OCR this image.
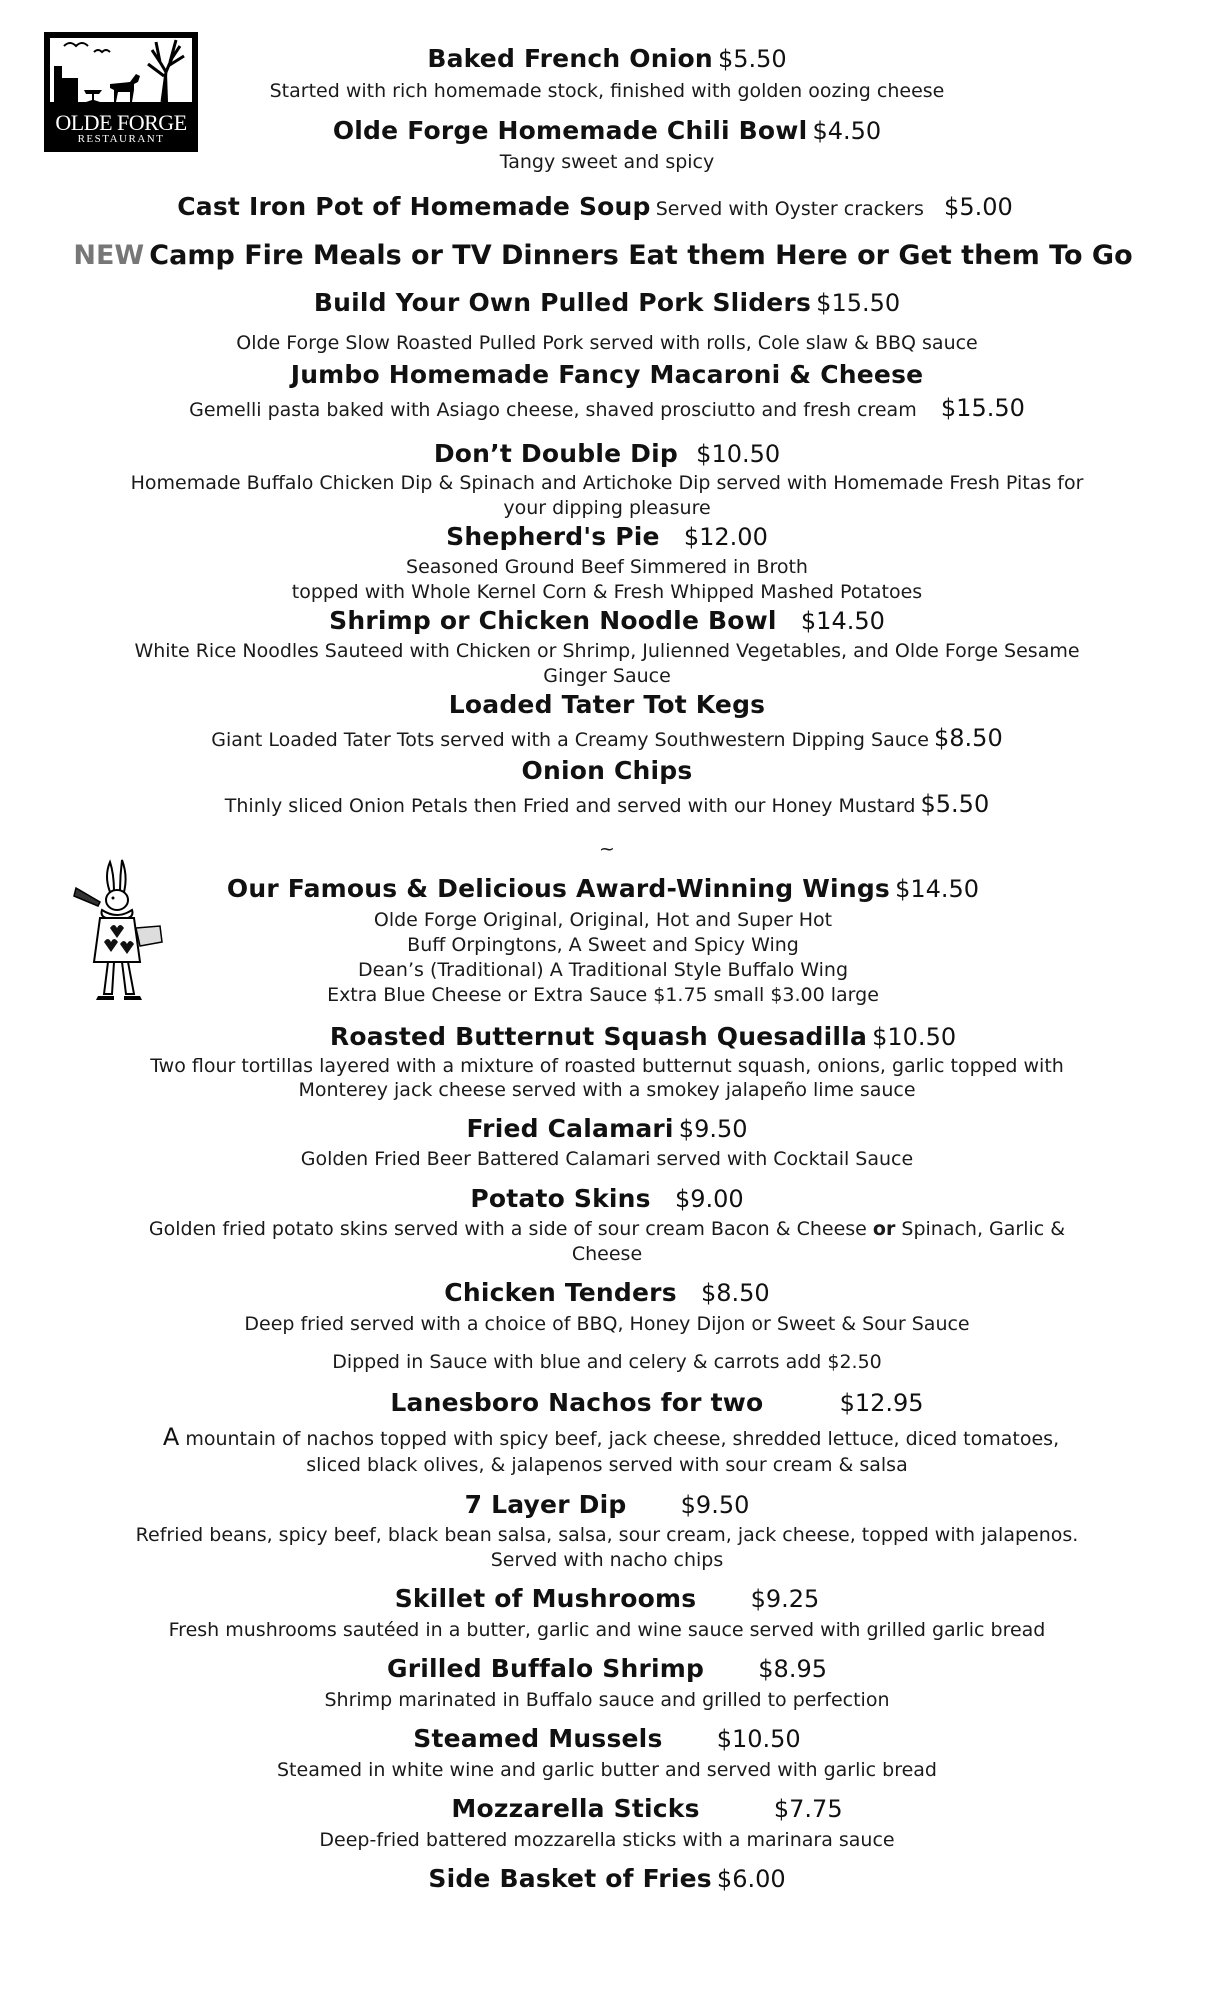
OLDE FORGE
RESTAURANT
Baked French Onion $5.50
Started with rich homemade stock, finished with golden oozing cheese
Olde Forge Homemade Chili Bowl $4.50
Tangy sweet and spicy
Cast Iron Pot of Homemade Soup Served with Oyster crackers $5.00
NEW Camp Fire Meals or TV Dinners Eat them Here or Get them To Go
Build Your Own Pulled Pork Sliders $15.50
Olde Forge Slow Roasted Pulled Pork served with rolls, Cole slaw & BBQ sauce
Jumbo Homemade Fancy Macaroni & Cheese
Gemelli pasta baked with Asiago cheese, shaved prosciutto and fresh cream $15.50
Don’t Double Dip $10.50
Homemade Buffalo Chicken Dip & Spinach and Artichoke Dip served with Homemade Fresh Pitas for
your dipping pleasure
Shepherd's Pie $12.00
Seasoned Ground Beef Simmered in Broth
topped with Whole Kernel Corn & Fresh Whipped Mashed Potatoes
Shrimp or Chicken Noodle Bowl $14.50
White Rice Noodles Sauteed with Chicken or Shrimp, Julienned Vegetables, and Olde Forge Sesame
Ginger Sauce
Loaded Tater Tot Kegs
Giant Loaded Tater Tots served with a Creamy Southwestern Dipping Sauce $8.50
Onion Chips
Thinly sliced Onion Petals then Fried and served with our Honey Mustard $5.50
~
Our Famous & Delicious Award-Winning Wings $14.50
Olde Forge Original, Original, Hot and Super Hot
Buff Orpingtons, A Sweet and Spicy Wing
Dean’s (Traditional) A Traditional Style Buffalo Wing
Extra Blue Cheese or Extra Sauce $1.75 small $3.00 large
Roasted Butternut Squash Quesadilla $10.50
Two flour tortillas layered with a mixture of roasted butternut squash, onions, garlic topped with
Monterey jack cheese served with a smokey jalapeño lime sauce
Fried Calamari $9.50
Golden Fried Beer Battered Calamari served with Cocktail Sauce
Potato Skins $9.00
Golden fried potato skins served with a side of sour cream Bacon & Cheese or Spinach, Garlic &
Cheese
Chicken Tenders $8.50
Deep fried served with a choice of BBQ, Honey Dijon or Sweet & Sour Sauce
Dipped in Sauce with blue and celery & carrots add $2.50
Lanesboro Nachos for two	$12.95
A mountain of nachos topped with spicy beef, jack cheese, shredded lettuce, diced tomatoes,
sliced black olives, & jalapenos served with sour cream & salsa
7 Layer Dip $9.50
Refried beans, spicy beef, black bean salsa, salsa, sour cream, jack cheese, topped with jalapenos.
Served with nacho chips
Skillet of Mushrooms $9.25
Fresh mushrooms sautéed in a butter, garlic and wine sauce served with grilled garlic bread
Grilled Buffalo Shrimp $8.95
Shrimp marinated in Buffalo sauce and grilled to perfection
Steamed Mussels $10.50
Steamed in white wine and garlic butter and served with garlic bread
Mozzarella Sticks	$7.75
Deep-fried battered mozzarella sticks with a marinara sauce
Side Basket of Fries $6.00
